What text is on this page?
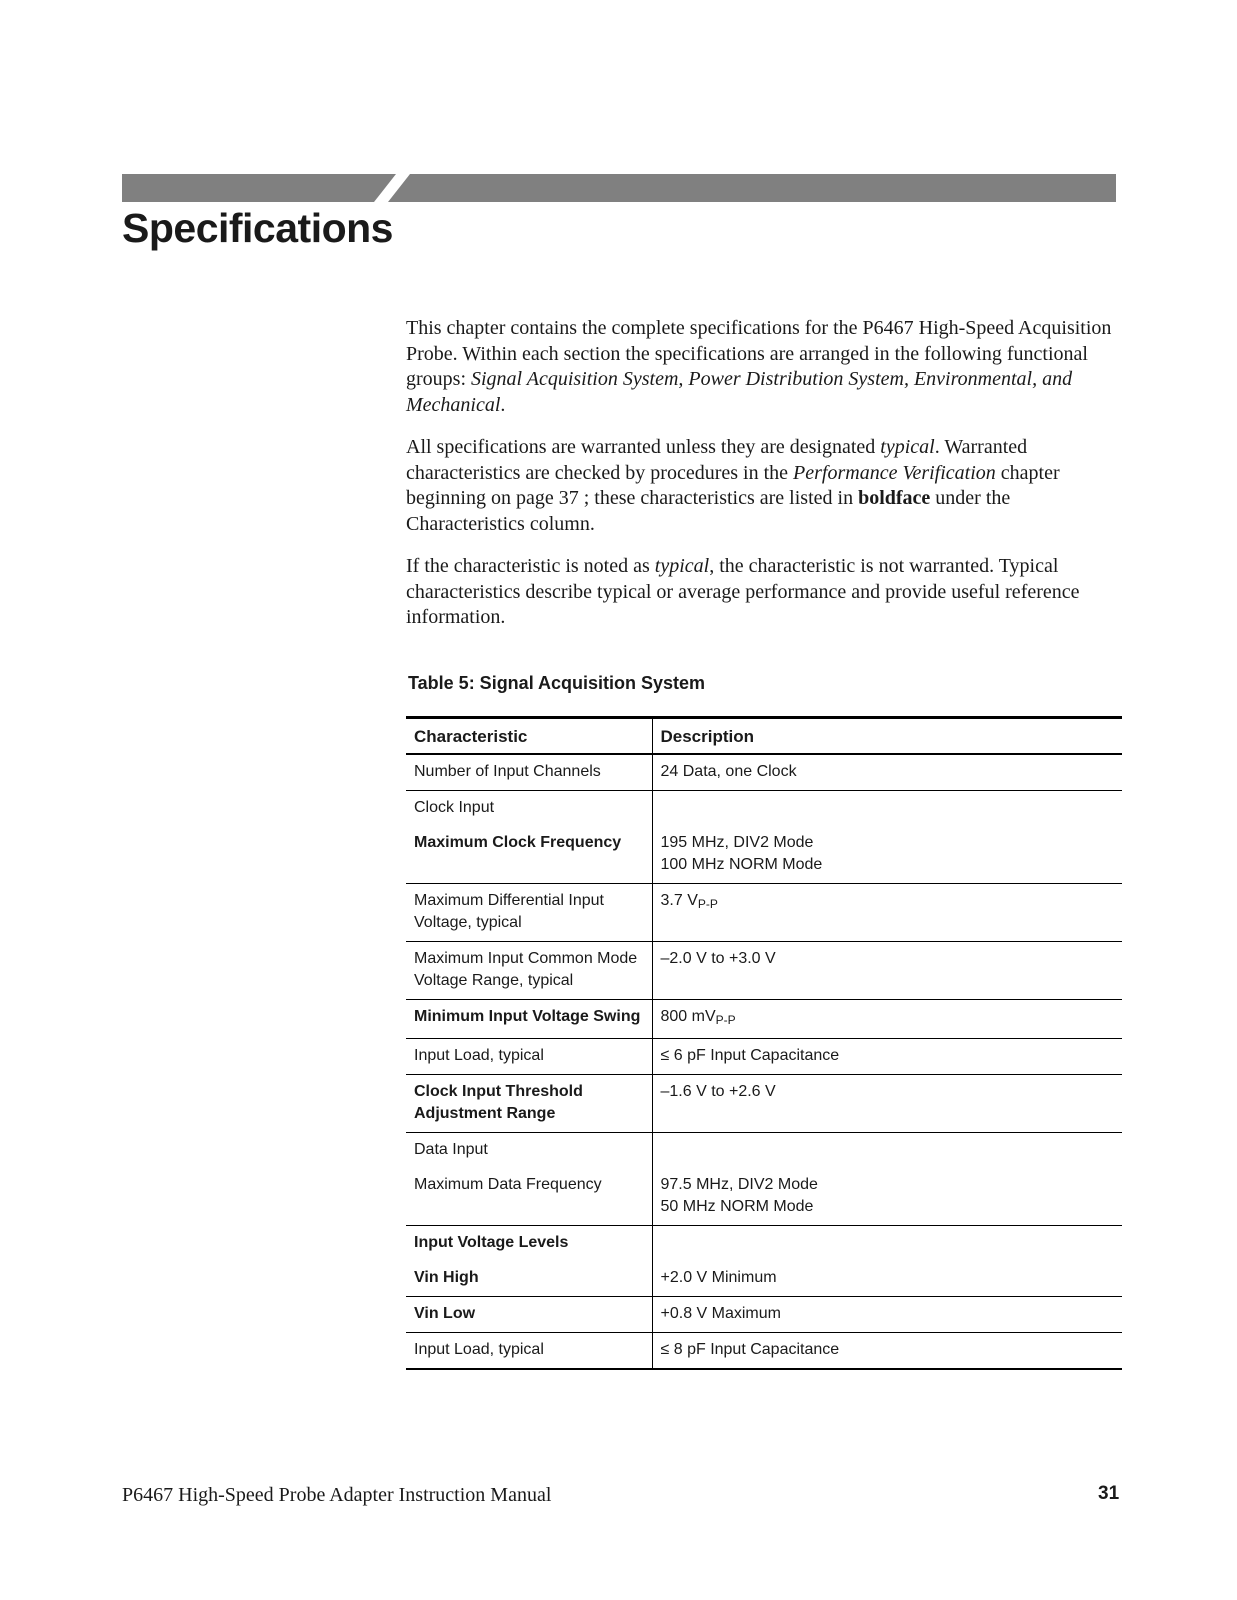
Specifications

This chapter contains the complete specifications for the P6467 High-Speed Acquisition Probe. Within each section the specifications are arranged in the following functional groups: Signal Acquisition System, Power Distribution System, Environmental, and Mechanical.

All specifications are warranted unless they are designated typical. Warranted characteristics are checked by procedures in the Performance Verification chapter beginning on page 37 ; these characteristics are listed in boldface under the Characteristics column.

If the characteristic is noted as typical, the characteristic is not warranted. Typical characteristics describe typical or average performance and provide useful reference information.

Table 5: Signal Acquisition System

Characteristic	Description
Number of Input Channels	24 Data, one Clock
Clock Input	
Maximum Clock Frequency	195 MHz, DIV2 Mode
100 MHz NORM Mode

Maximum Differential Input Voltage, typical	3.7 $V_{P-P}$
Maximum Input Common Mode Voltage Range, typical	–2.0 V to +3.0 V
Minimum Input Voltage Swing	800 $mV_{P-P}$
Input Load, typical	≤ 6 pF Input Capacitance
Clock Input Threshold Adjustment Range	–1.6 V to +2.6 V
Data Input	
Maximum Data Frequency	97.5 MHz, DIV2 Mode
50 MHz NORM Mode

Input Voltage Levels	
Vin High	+2.0 V Minimum
Vin Low	+0.8 V Maximum
Input Load, typical	≤ 8 pF Input Capacitance

P6467 High-Speed Probe Adapter Instruction Manual	31
